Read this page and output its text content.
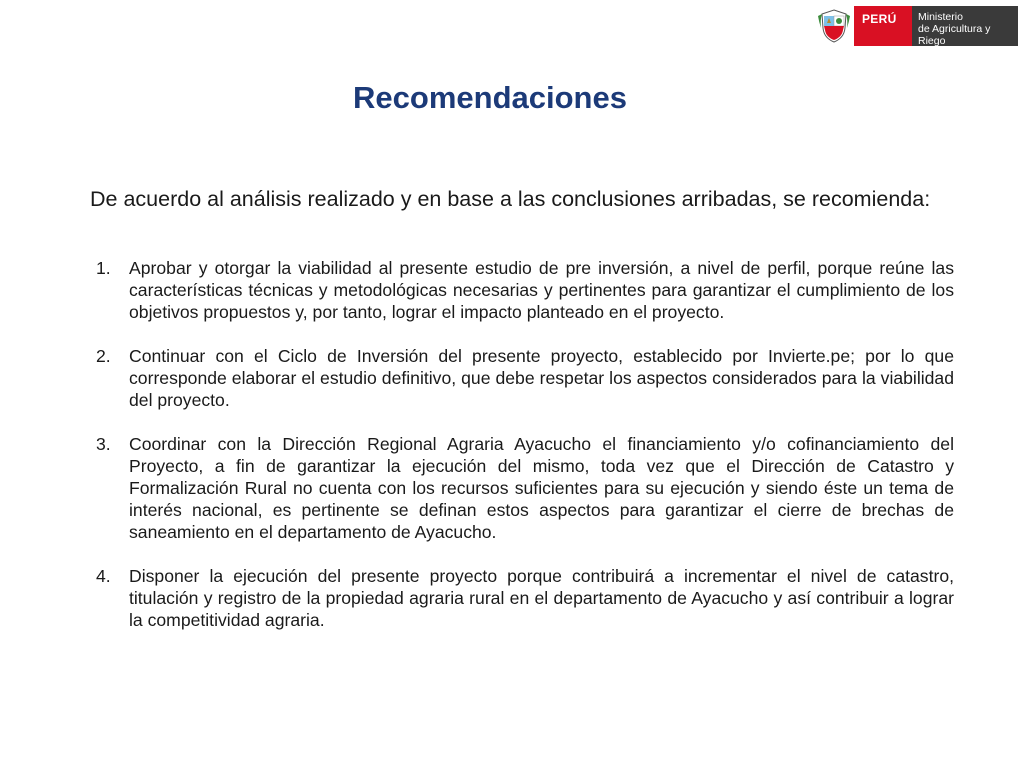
PERÚ	Ministerio
de Agricultura y Riego
Recomendaciones

De acuerdo al análisis realizado y en base a las conclusiones arribadas, se recomienda:

1.	Aprobar y otorgar la viabilidad al presente estudio de pre inversión, a nivel de perfil, porque reúne las características técnicas y metodológicas necesarias y pertinentes para garantizar el cumplimiento de los objetivos propuestos y, por tanto, lograr el impacto planteado en el proyecto.
2.	Continuar con el Ciclo de Inversión del presente proyecto, establecido por Invierte.pe; por lo que corresponde elaborar el estudio definitivo, que debe respetar los aspectos considerados para la viabilidad del proyecto.
3.	Coordinar con la Dirección Regional Agraria Ayacucho el financiamiento y/o cofinanciamiento del Proyecto, a fin de garantizar la ejecución del mismo, toda vez que el Dirección de Catastro y Formalización Rural no cuenta con los recursos suficientes para su ejecución y siendo éste un tema de interés nacional, es pertinente se definan estos aspectos para garantizar el cierre de brechas de saneamiento en el departamento de Ayacucho.
4.	Disponer la ejecución del presente proyecto porque contribuirá a incrementar el nivel de catastro, titulación y registro de la propiedad agraria rural en el departamento de Ayacucho y así contribuir a lograr la competitividad agraria.
